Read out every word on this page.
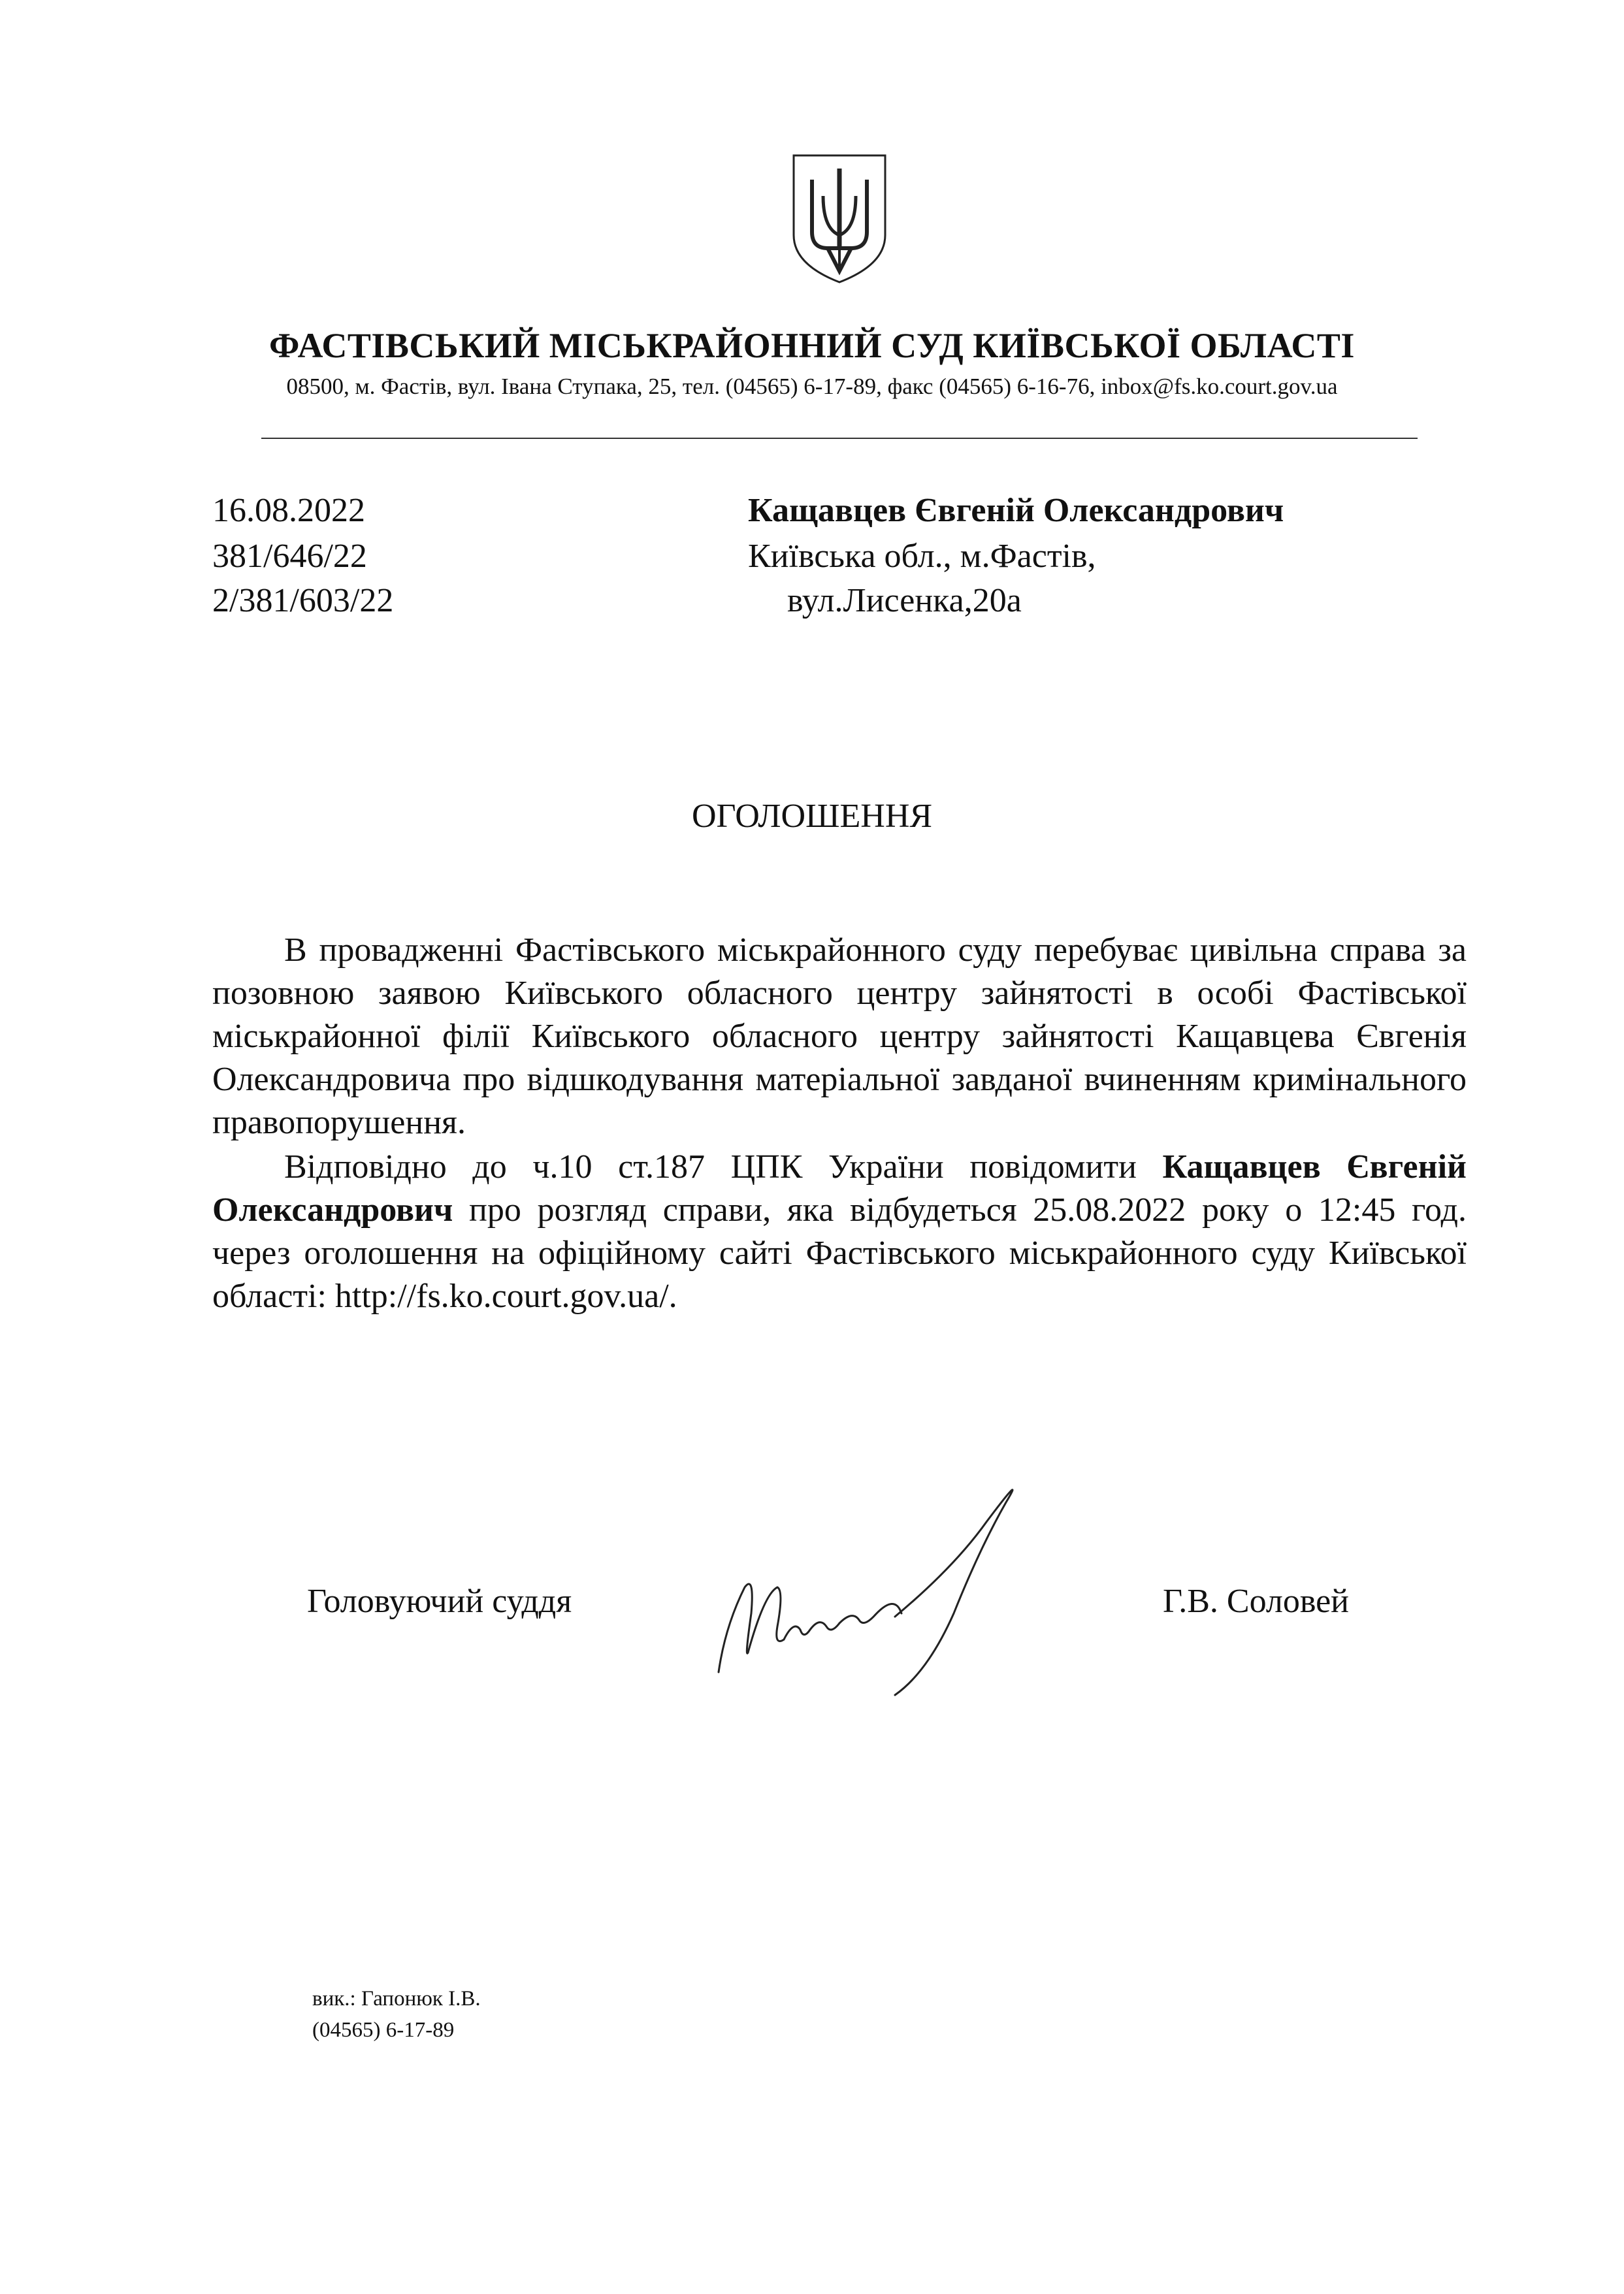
ФАСТІВСЬКИЙ МІСЬКРАЙОННИЙ СУД КИЇВСЬКОЇ ОБЛАСТІ
08500, м. Фастів, вул. Івана Ступака, 25, тел. (04565) 6-17-89, факс (04565) 6-16-76, inbox@fs.ko.court.gov.ua
16.08.2022
381/646/22
2/381/603/22
Кащавцев Євгеній Олександрович
Київська обл., м.Фастів,
вул.Лисенка,20а
ОГОЛОШЕННЯ
В провадженні Фастівського міськрайонного суду перебуває цивільна справа за позовною заявою Київського обласного центру зайнятості в особі Фастівської міськрайонної філії Київського обласного центру зайнятості Кащавцева Євгенія Олександровича про відшкодування матеріальної завданої вчиненням кримінального правопорушення.
Відповідно до ч.10 ст.187 ЦПК України повідомити Кащавцев Євгеній Олександрович про розгляд справи, яка відбудеться 25.08.2022 року о 12:45 год. через оголошення на офіційному сайті Фастівського міськрайонного суду Київської області: http://fs.ko.court.gov.ua/.
Головуючий суддя	Г.В. Соловей
вик.: Гапонюк І.В.
(04565) 6-17-89
